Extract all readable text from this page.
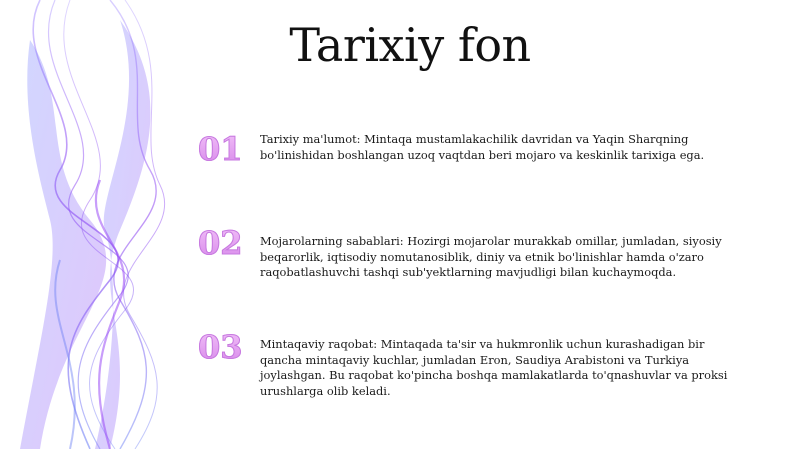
Tarixiy fon
01 Tarixiy ma'lumot: Mintaqa mustamlakachilik davridan va Yaqin Sharqning bo'linishidan boshlangan uzoq vaqtdan beri mojaro va keskinlik tarixiga ega.
02 Mojarolarning sabablari: Hozirgi mojarolar murakkab omillar, jumladan, siyosiy beqarorlik, iqtisodiy nomutanosiblik, diniy va etnik bo'linishlar hamda o'zaro raqobatlashuvchi tashqi sub'yektlarning mavjudligi bilan kuchaymoqda.
03 Mintaqaviy raqobat: Mintaqada ta'sir va hukmronlik uchun kurashadigan bir qancha mintaqaviy kuchlar, jumladan Eron, Saudiya Arabistoni va Turkiya joylashgan. Bu raqobat ko'pincha boshqa mamlakatlarda to'qnashuvlar va proksi urushlarga olib keladi.
